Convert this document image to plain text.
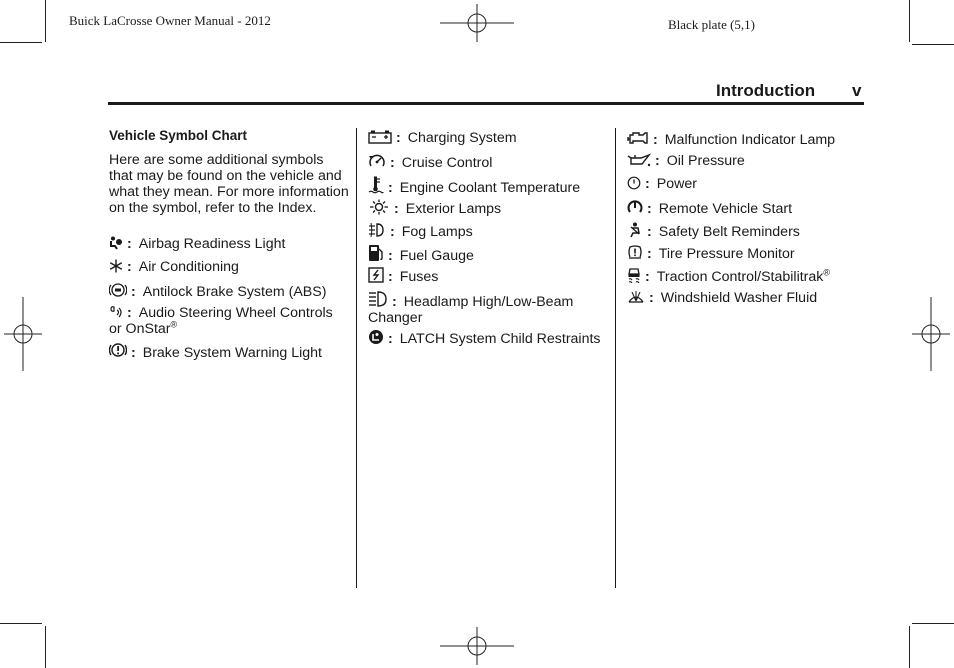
Buick LaCrosse Owner Manual - 2012	Black plate (5,1)
Introduction v
Vehicle Symbol Chart

Here are some additional symbols that may be found on the vehicle and what they mean. For more information on the symbol, refer to the Index.

: Airbag Readiness Light
: Air Conditioning
: Antilock Brake System (ABS)
: Audio Steering Wheel Controls or OnStar®
: Brake System Warning Light
: Charging System
: Cruise Control
: Engine Coolant Temperature
: Exterior Lamps
: Fog Lamps
: Fuel Gauge
: Fuses
: Headlamp High/Low-Beam Changer
: LATCH System Child Restraints
: Malfunction Indicator Lamp
: Oil Pressure
: Power
: Remote Vehicle Start
: Safety Belt Reminders
: Tire Pressure Monitor
: Traction Control/Stabilitrak®
: Windshield Washer Fluid
